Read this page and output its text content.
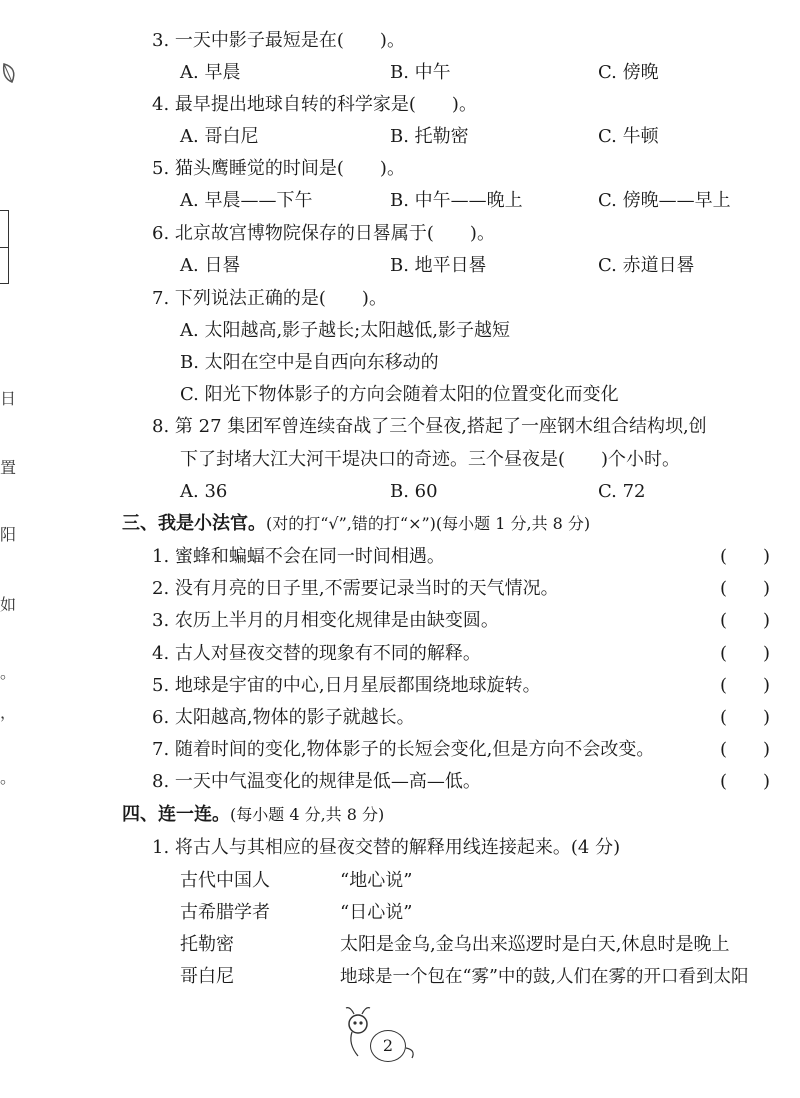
日
置
阳
如
。
，
。
3. 一天中影子最短是在(　　)。
A. 早晨	B. 中午	C. 傍晚
4. 最早提出地球自转的科学家是(　　)。
A. 哥白尼	B. 托勒密	C. 牛顿
5. 猫头鹰睡觉的时间是(　　)。
A. 早晨——下午	B. 中午——晚上	C. 傍晚——早上
6. 北京故宫博物院保存的日晷属于(　　)。
A. 日晷	B. 地平日晷	C. 赤道日晷
7. 下列说法正确的是(　　)。
A. 太阳越高,影子越长;太阳越低,影子越短
B. 太阳在空中是自西向东移动的
C. 阳光下物体影子的方向会随着太阳的位置变化而变化
8. 第 27 集团军曾连续奋战了三个昼夜,搭起了一座钢木组合结构坝,创
下了封堵大江大河干堤决口的奇迹。三个昼夜是(　　)个小时。
A. 36	B. 60	C. 72
三、我是小法官。(对的打“√”,错的打“×”)(每小题 1 分,共 8 分)
1. 蜜蜂和蝙蝠不会在同一时间相遇。	(　　)
2. 没有月亮的日子里,不需要记录当时的天气情况。	(　　)
3. 农历上半月的月相变化规律是由缺变圆。	(　　)
4. 古人对昼夜交替的现象有不同的解释。	(　　)
5. 地球是宇宙的中心,日月星辰都围绕地球旋转。	(　　)
6. 太阳越高,物体的影子就越长。	(　　)
7. 随着时间的变化,物体影子的长短会变化,但是方向不会改变。	(　　)
8. 一天中气温变化的规律是低—高—低。	(　　)
四、连一连。(每小题 4 分,共 8 分)
1. 将古人与其相应的昼夜交替的解释用线连接起来。(4 分)
古代中国人	“地心说”
古希腊学者	“日心说”
托勒密	太阳是金乌,金乌出来巡逻时是白天,休息时是晚上
哥白尼	地球是一个包在“雾”中的鼓,人们在雾的开口看到太阳
2
